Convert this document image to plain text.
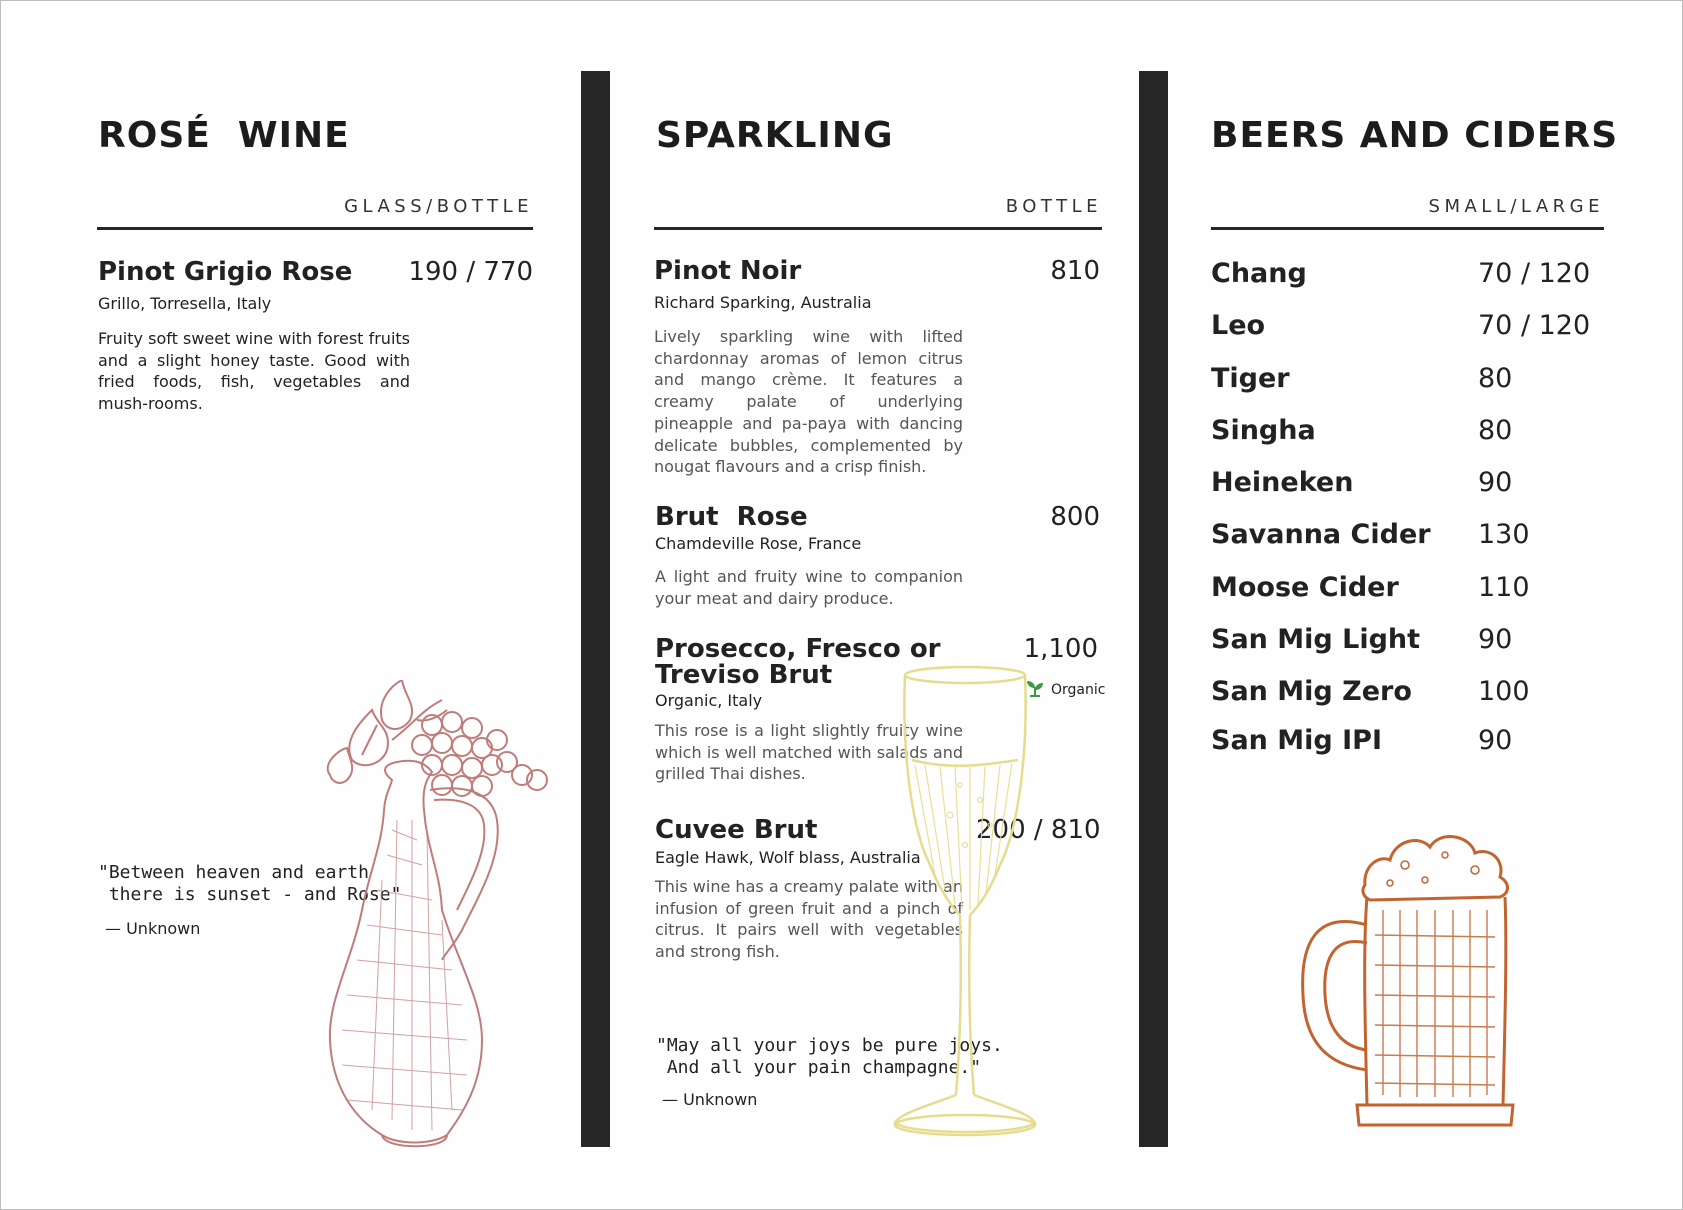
ROSÉ  WINE
GLASS/BOTTLE
Pinot Grigio Rose 190 / 770
Grillo, Torresella, Italy

Fruity soft sweet wine with forest fruits and a slight honey taste. Good with fried foods, fish, vegetables and mush-rooms.

"Between heaven and earth
there is sunset - and Rose"
— Unknown
SPARKLING
BOTTLE
Pinot Noir	810
Richard Sparking, Australia

Lively sparkling wine with lifted chardonnay aromas of lemon citrus and mango crème. It features a creamy palate of underlying pineapple and pa-paya with dancing delicate bubbles, complemented by nougat flavours and a crisp finish.

Brut  Rose	800
Chamdeville Rose, France

A light and fruity wine to companion your meat and dairy produce.

Prosecco, Fresco or
Treviso Brut
1,100
Organic
Organic, Italy

This rose is a light slightly fruity wine which is well matched with salads and grilled Thai dishes.

Cuvee Brut	200 / 810
Eagle Hawk, Wolf blass, Australia

This wine has a creamy palate with an infusion of green fruit and a pinch of citrus. It pairs well with vegetables and strong fish.

"May all your joys be pure joys.
And all your pain champagne."
— Unknown
BEERS AND CIDERS
SMALL/LARGE
Chang	70 / 120
Leo	70 / 120
Tiger	80
Singha	80
Heineken	90
Savanna Cider 130
Moose Cider	110
San Mig Light 90
San Mig Zero 100
San Mig IPI	90
